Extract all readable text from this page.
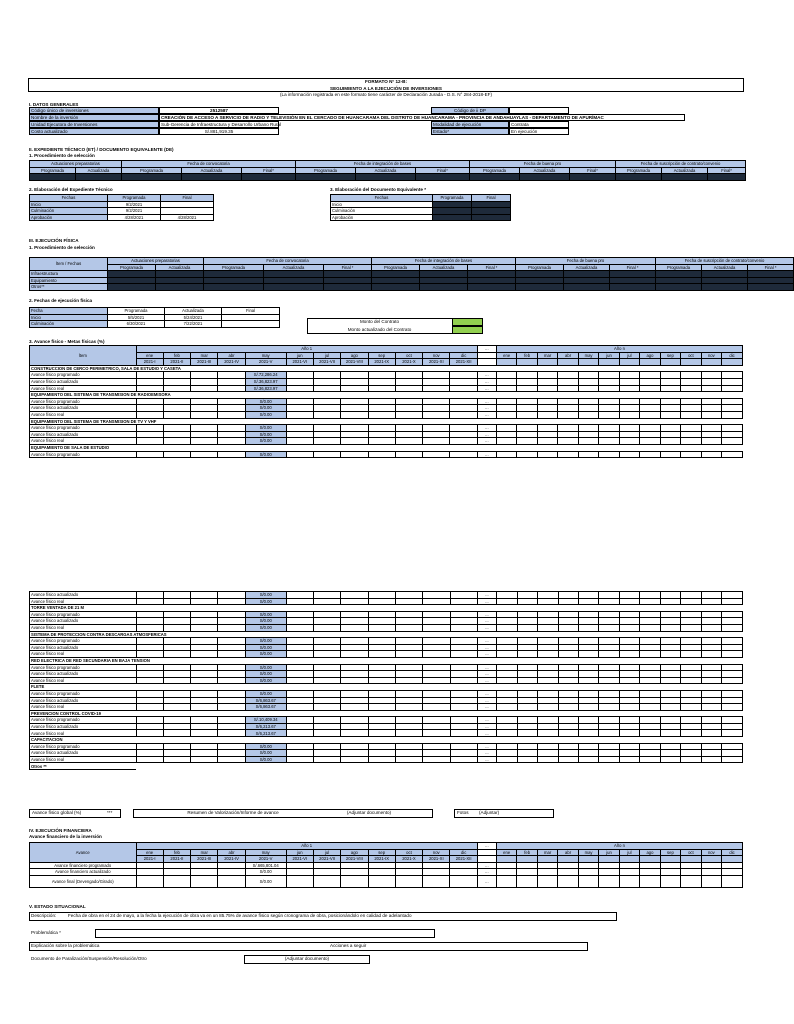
FORMATO N° 12-B:
SEGUIMIENTO A LA EJECUCIÓN DE INVERSIONES
(La información registrada en este formato tiene carácter de Declaración Jurada - D.S. N° 284-2018-EF)
I. DATOS GENERALES
Código único de inversiones	2512587	Código de ii DP
Nombre de la inversión	CREACIÓN DE ACCESO A SERVICIO DE RADIO Y TELEVISIÓN EN EL CERCADO DE HUANCARAMA DEL DISTRITO DE HUANCARAMA - PROVINCIA DE ANDAHUAYLAS - DEPARTAMENTO DE APURÍMAC
Unidad Ejecutora de Inversiones	Sub-Gerencia de Infraestructura y Desarrollo Urbano Rural	Modalidad de ejecución	Contrata
Costo actualizado	S/.881,919.35	Estado*	En ejecución
II. EXPEDIENTE TÉCNICO (ET) / DOCUMENTO EQUIVALENTE (DE)
1. Procedimiento de selección
Actuaciones preparatorias		Fecha de convocatoria			Fecha de integración de bases			Fecha de buena pro			Fecha de suscripción de contrato/convenio		
Programada	Actualizada	Programada	Actualizada	Final*	Programada	Actualizada	Final*	Programada	Actualizada	Final*	Programada	Actualizada	Final*

2. Elaboración del Expediente Técnico
Fechas	Programada	Final
Inicio	9/2/2021	
Culminación	9/2/2021	
Aprobación	4/28/2021	4/28/2021
3. Elaboración del Documento Equivalente *
Fechas	Programada	Final
Inicio		
Culminación		
Aprobación		
III. EJECUCIÓN FÍSICA
1. Procedimiento de selección
Ítem / Fechas	Actuaciones preparatorias		Fecha de convocatoria			Fecha de integración de bases			Fecha de buena pro			Fecha de suscripción de contrato/convenio		
	Programada	Actualizada	Programada	Actualizada	Final *	Programada	Actualizada	Final *	Programada	Actualizada	Final *	Programada	Actualizada	Final *
Infraestructura														
Equipamiento														
Otros**														
2. Fechas de ejecución física
Fecha	Programada	Actualizada	Final
Inicio	5/5/2021	5/24/2021	
Culminación	6/30/2021	7/22/2021		Monto del Contrato
Monto actualizado del Contrato
3. Avance físico - Metas físicas (%)
Ítem	Año 1												...	Año n											
	ene	feb	mar	abr	may	jun	jul	ago	sep	oct	nov	dic		ene	feb	mar	abr	may	jun	jul	ago	sep	oct	nov	dic
	2021-I	2021-II	2021-III	2021-IV	2021-V	2021-VI	2021-VII	2021-VIII	2021-IX	2021-X	2021-XI	2021-XII													
CONSTRUCCION DE CERCO PERIMETRICO, SALA DE ESTUDIO Y CASETA																									
Avance físico programado					S/.72,286.24								...												
Avance físico actualizado					S/.36,823.97								...												
Avance físico real					S/.36,823.97								...												
EQUIPAMIENTO DEL SISTEMA DE TRANSMISION DE RADIOEMISORA																									
Avance físico programado					S/0.00								...												
Avance físico actualizado					S/0.00								...												
Avance físico real					S/0.00								...												
EQUIPAMIENTO DEL SISTEMA DE TRANSMISION DE TV Y VHF																									
Avance físico programado					S/0.00								...												
Avance físico actualizado					S/0.00								...												
Avance físico real					S/0.00								...												
EQUIPAMIENTO DE SALA DE ESTUDIO																									
Avance físico programado					S/0.00								...												
Avance físico actualizado					S/0.00								...												
Avance físico real					S/0.00								...												
TORRE VENTADA DE 21 M																									
Avance físico programado					S/0.00								...												
Avance físico actualizado					S/0.00								...												
Avance físico real					S/0.00								...												
SISTEMA DE PROTECCION CONTRA DESCARGAS ATMOSFERICAS																									
Avance físico programado					S/0.00								...												
Avance físico actualizado					S/0.00								...												
Avance físico real					S/0.00								...												
RED ELECTRICA DE RED SECUNDARIA EN BAJA TENSION																									
Avance físico programado					S/0.00								...												
Avance físico actualizado					S/0.00								...												
Avance físico real					S/0.00								...												
FLETE																									
Avance físico programado					S/0.00								...												
Avance físico actualizado					S/6,863.67								...												
Avance físico real					S/6,863.67								...												
PREVENCION CONTROL COVID-19																									
Avance físico programado					S/.10,409.34								...												
Avance físico actualizado					S/6,213.67								...												
Avance físico real					S/6,213.67								...												
CAPACITACION																									
Avance físico programado					S/0.00								...												
Avance físico actualizado					S/0.00								...												
Avance físico real					S/0.00								...												
Otros **																									
Avance físico global (%)	***	Resumen de Valorización/Informe de avance	(Adjuntar documento)	Fotos (Adjuntar)
IV. EJECUCIÓN FINANCIERA
Avance financiero de la inversión
Avance	Año 1												...	Año n											
	ene	feb	mar	abr	may	jun	jul	ago	sep	oct	nov	dic		ene	feb	mar	abr	may	jun	jul	ago	sep	oct	nov	dic
	2021-I	2021-II	2021-III	2021-IV	2021-V	2021-VI	2021-VII	2021-VIII	2021-IX	2021-X	2021-XI	2021-XII													
Avance financiero programado					S/.665,801.04								...												
Avance financiero actualizado					S/0.00								...												
Avance final (Devengado/Girado)					S/0.00								...												
V. ESTADO SITUACIONAL
Descripción:	Fecha de obra en el 24 de mayo, a la fecha la ejecución de obra va en un 85.75% de avance físico según cronograma de obra, posicionándolo en calidad de adelantado
Problemática *
Explicación sobre la problemática	Acciones a seguir
Documento de Paralización/Suspensión/Resolución/Otro	(Adjuntar documento)
